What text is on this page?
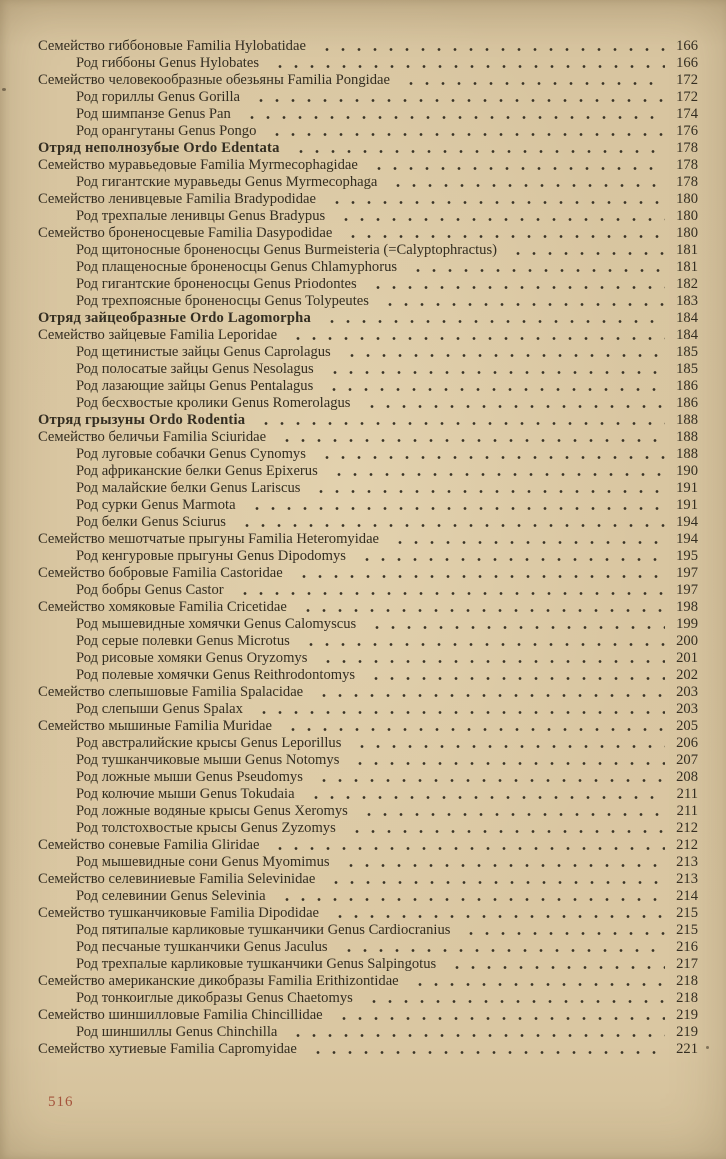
Семейство гиббоновые Familia Hylobatidae	166
Род гиббоны Genus Hylobates	166
Семейство человекообразные обезьяны Familia Pongidae	172
Род гориллы Genus Gorilla	172
Род шимпанзе Genus Pan	174
Род орангутаны Genus Pongo	176
Отряд неполнозубые Ordo Edentata	178
Семейство муравьедовые Familia Myrmecophagidae	178
Род гигантские муравьеды Genus Myrmecophaga	178
Семейство ленивцевые Familia Bradypodidae	180
Род трехпалые ленивцы Genus Bradypus	180
Семейство броненосцевые Familia Dasypodidae	180
Род щитоносные броненосцы Genus Burmeisteria (=Calyptophractus)	181
Род плащеносные броненосцы Genus Chlamyphorus	181
Род гигантские броненосцы Genus Priodontes	182
Род трехпоясные броненосцы Genus Tolypeutes	183
Отряд зайцеобразные Ordo Lagomorpha	184
Семейство зайцевые Familia Leporidae	184
Род щетинистые зайцы Genus Caprolagus	185
Род полосатые зайцы Genus Nesolagus	185
Род лазающие зайцы Genus Pentalagus	186
Род бесхвостые кролики Genus Romerolagus	186
Отряд грызуны Ordo Rodentia	188
Семейство беличьи Familia Sciuridae	188
Род луговые собачки Genus Cynomys	188
Род африканские белки Genus Epixerus	190
Род малайские белки Genus Lariscus	191
Род сурки Genus Marmota	191
Род белки Genus Sciurus	194
Семейство мешотчатые прыгуны Familia Heteromyidae	194
Род кенгуровые прыгуны Genus Dipodomys	195
Семейство бобровые Familia Castoridae	197
Род бобры Genus Castor	197
Семейство хомяковые Familia Cricetidae	198
Род мышевидные хомячки Genus Calomyscus	199
Род серые полевки Genus Microtus	200
Род рисовые хомяки Genus Oryzomys	201
Род полевые хомячки Genus Reithrodontomys	202
Семейство слепышовые Familia Spalacidae	203
Род слепыши Genus Spalax	203
Семейство мышиные Familia Muridae	205
Род австралийские крысы Genus Leporillus	206
Род тушканчиковые мыши Genus Notomys	207
Род ложные мыши Genus Pseudomys	208
Род колючие мыши Genus Tokudaia	211
Род ложные водяные крысы Genus Xeromys	211
Род толстохвостые крысы Genus Zyzomys	212
Семейство соневые Familia Gliridae	212
Род мышевидные сони Genus Myomimus	213
Семейство селевиниевые Familia Selevinidae	213
Род селевинии Genus Selevinia	214
Семейство тушканчиковые Familia Dipodidae	215
Род пятипалые карликовые тушканчики Genus Cardiocranius	215
Род песчаные тушканчики Genus Jaculus	216
Род трехпалые карликовые тушканчики Genus Salpingotus	217
Семейство американские дикобразы Familia Erithizontidae	218
Род тонкоиглые дикобразы Genus Chaetomys	218
Семейство шиншилловые Familia Chincillidae	219
Род шиншиллы Genus Chinchilla	219
Семейство хутиевые Familia Capromyidae	221
516
